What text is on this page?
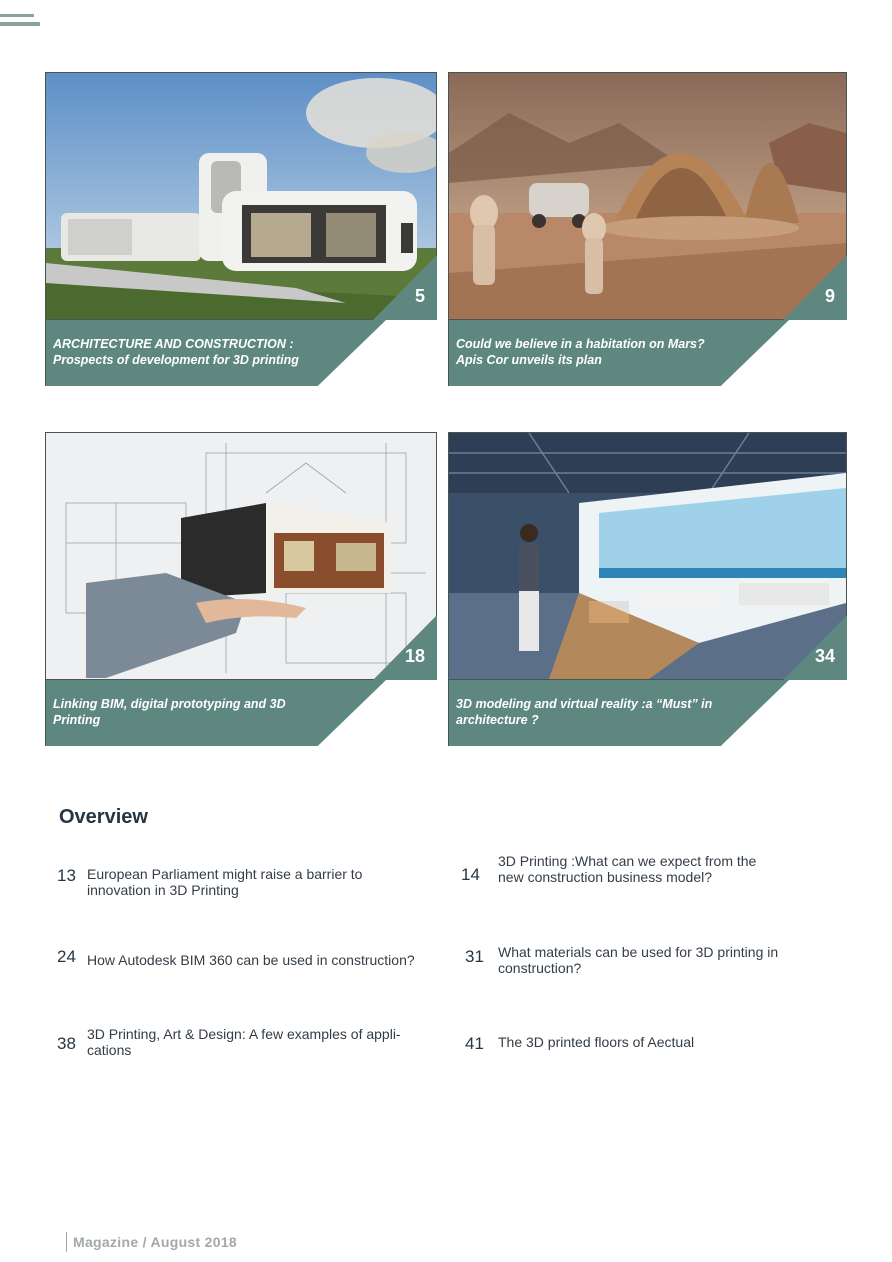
5
ARCHITECTURE AND CONSTRUCTION :
Prospects of development for 3D printing
9
Could we believe in a habitation on Mars?
Apis Cor unveils its plan
18
Linking BIM, digital prototyping and 3D
Printing
34
3D modeling and virtual reality :a “Must” in
architecture ?
Overview
13 European Parliament might raise a barrier to
innovation in 3D Printing
14
3D Printing :What can we expect from the
new construction business model?
24 How Autodesk BIM 360 can be used in construction?	31 What materials can be used for 3D printing in
construction?
38 3D Printing, Art & Design: A few examples of appli-
cations	41 The 3D printed floors of Aectual
Magazine / August 2018
